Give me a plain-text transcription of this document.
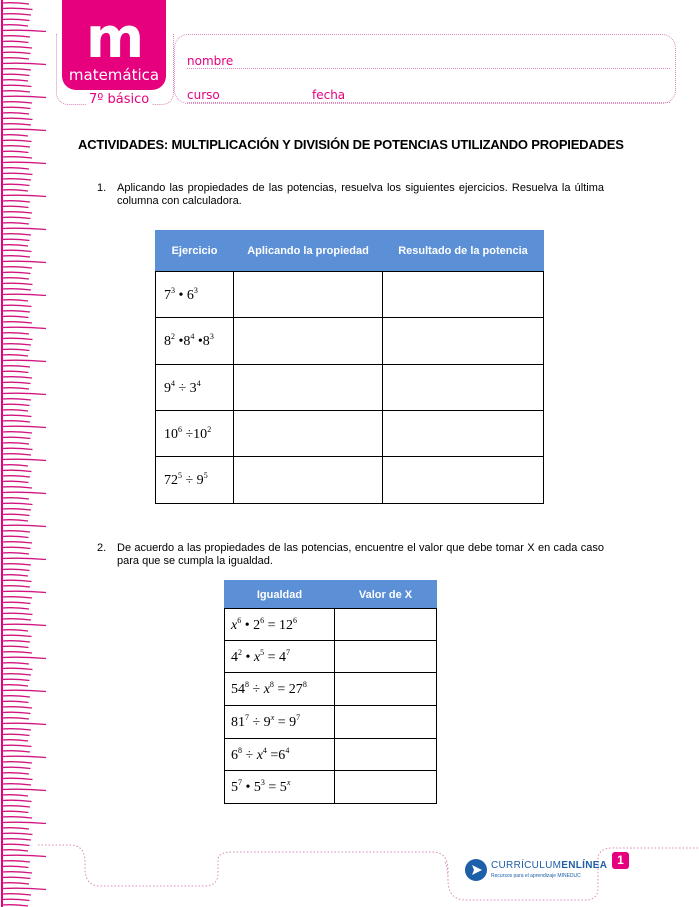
m
matemática
7º básico
nombre
curso	fecha
ACTIVIDADES: MULTIPLICACIÓN Y DIVISIÓN DE POTENCIAS UTILIZANDO PROPIEDADES
1. Aplicando las propiedades de las potencias, resuelva los siguientes ejercicios. Resuelva la última columna con calculadora.
Ejercicio	Aplicando la propiedad	Resultado de la potencia
$7^3$ • $6^3$		
$8^2$ $•8^4$ $•8^3$		
$9^4 \div 3^4$		
$10^6 \div 10^2$		
$72^5 \div 9^5$		
2. De acuerdo a las propiedades de las potencias, encuentre el valor que debe tomar X en cada caso para que se cumpla la igualdad.
Igualdad	Valor de X
$x^6$ • $2^6 = 12^6$	
$4^2$ • $x^5 = 4^7$	
$54^8 \div x^8 = 27^8$	
$81^7 \div 9^x = 9^7$	
$6^8 \div x^4 =6^4$	
$5^7$ • $5^3 = 5^x$	
CURRÍCULUMENLÍNEA
Recursos para el aprendizaje MINEDUC
1
